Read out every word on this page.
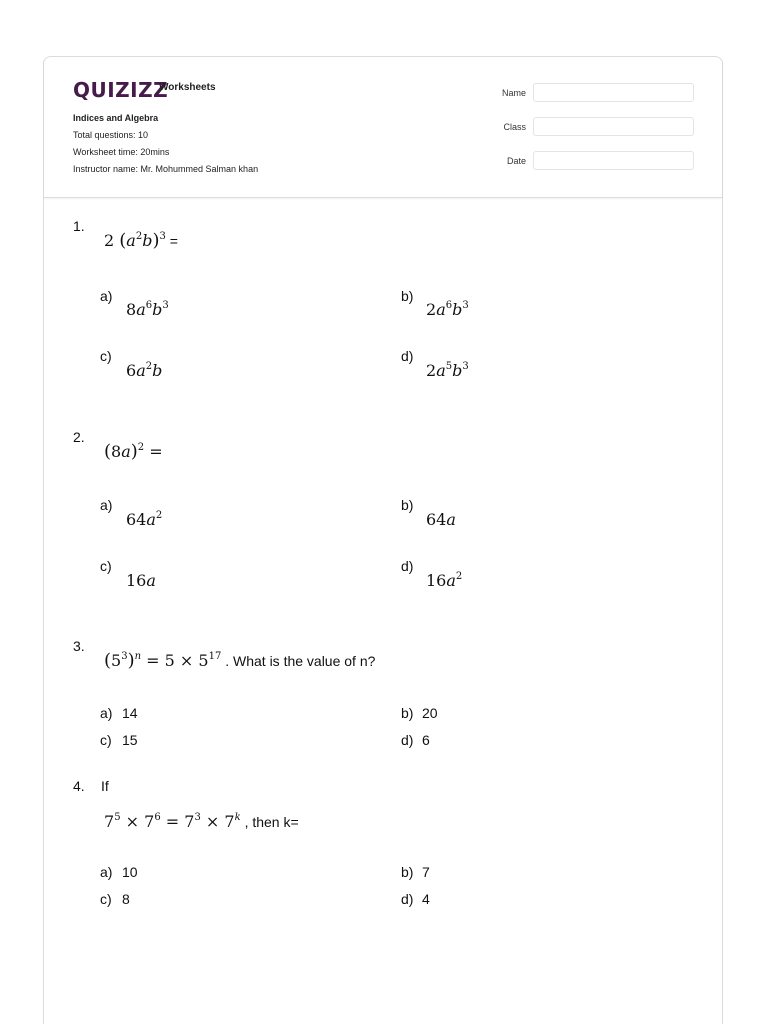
QUIZIZZ
Worksheets
Indices and Algebra
Total questions: 10
Worksheet time: 20mins
Instructor name: Mr. Mohummed Salman khan
Name
Class
Date
1.
2 $(a^2b)^3$ =
a)
$8a^6b^3$
b)
$2a^6b^3$
c)
$6a^2b$
d)
$2a^5b^3$
2.
$(8a)^2$ =
a)
$64a^2$
b)
64a
c)
16a
d)
$16a^2$
3.
$(5^3)^n = 5 \times 5^{17}$ . What is the value of n?
a) 14	b) 20
c) 15	d) 6
4. If
$7^5 \times 7^6 = 7^3 \times 7^k$ , then k=
a) 10	b) 7
c) 8	d) 4
